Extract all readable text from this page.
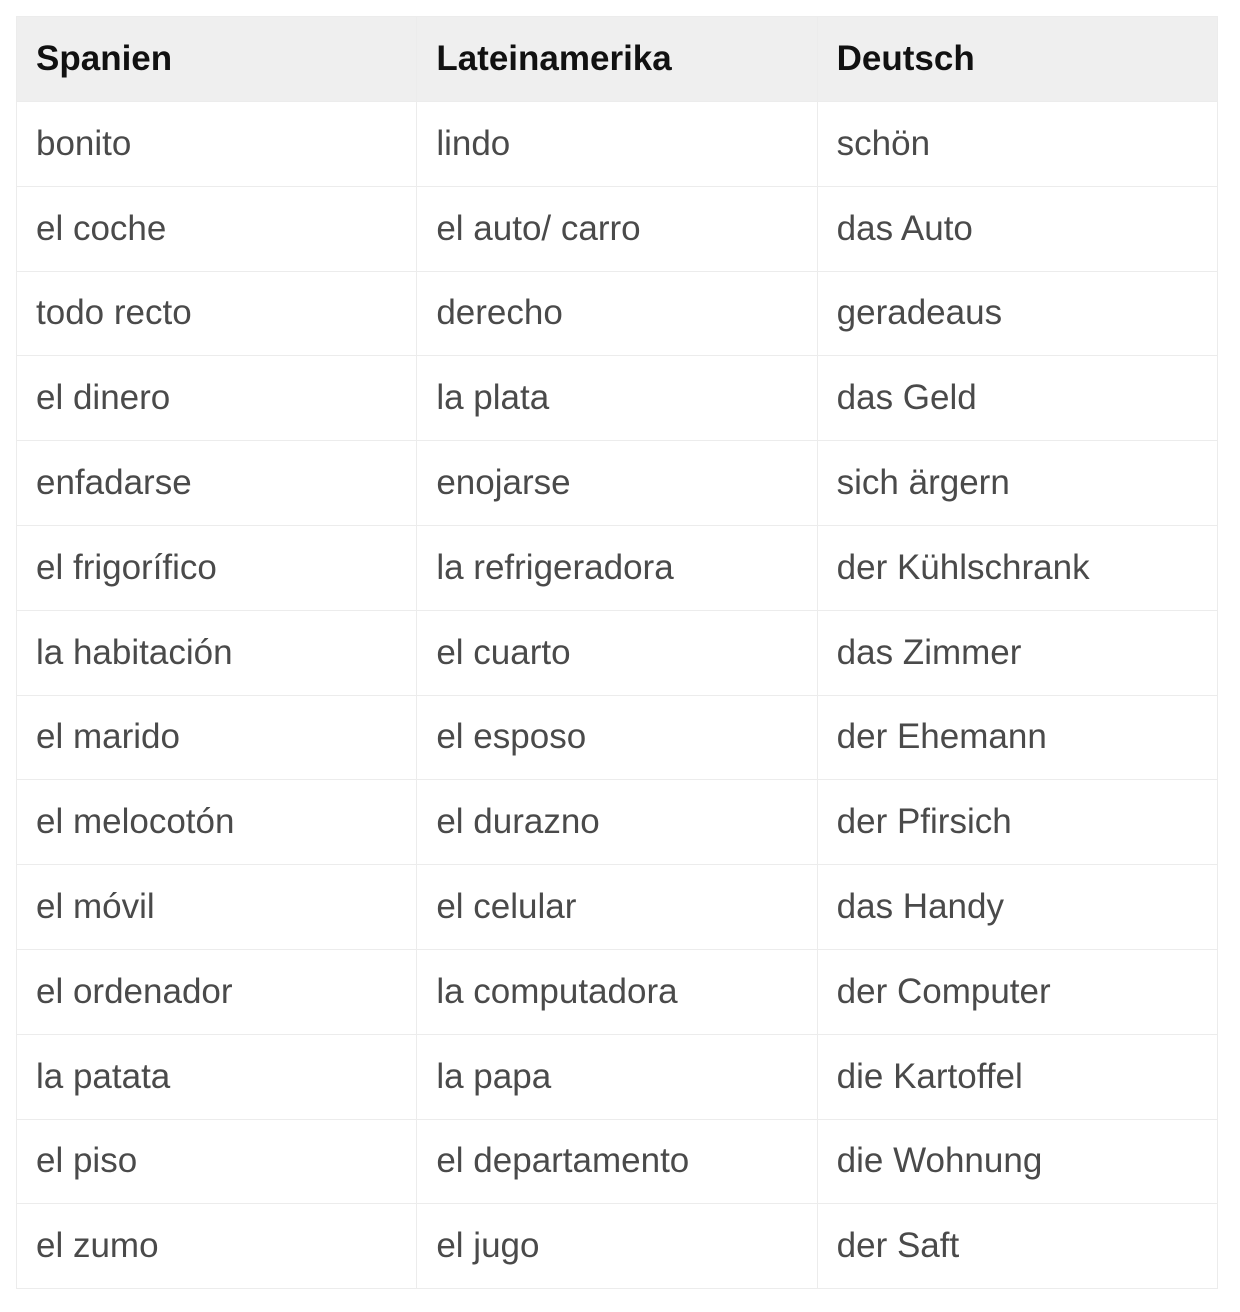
Spanien	Lateinamerika	Deutsch
bonito	lindo	schön
el coche	el auto/ carro	das Auto
todo recto	derecho	geradeaus
el dinero	la plata	das Geld
enfadarse	enojarse	sich ärgern
el frigorífico	la refrigeradora	der Kühlschrank
la habitación	el cuarto	das Zimmer
el marido	el esposo	der Ehemann
el melocotón	el durazno	der Pfirsich
el móvil	el celular	das Handy
el ordenador	la computadora	der Computer
la patata	la papa	die Kartoffel
el piso	el departamento	die Wohnung
el zumo	el jugo	der Saft
